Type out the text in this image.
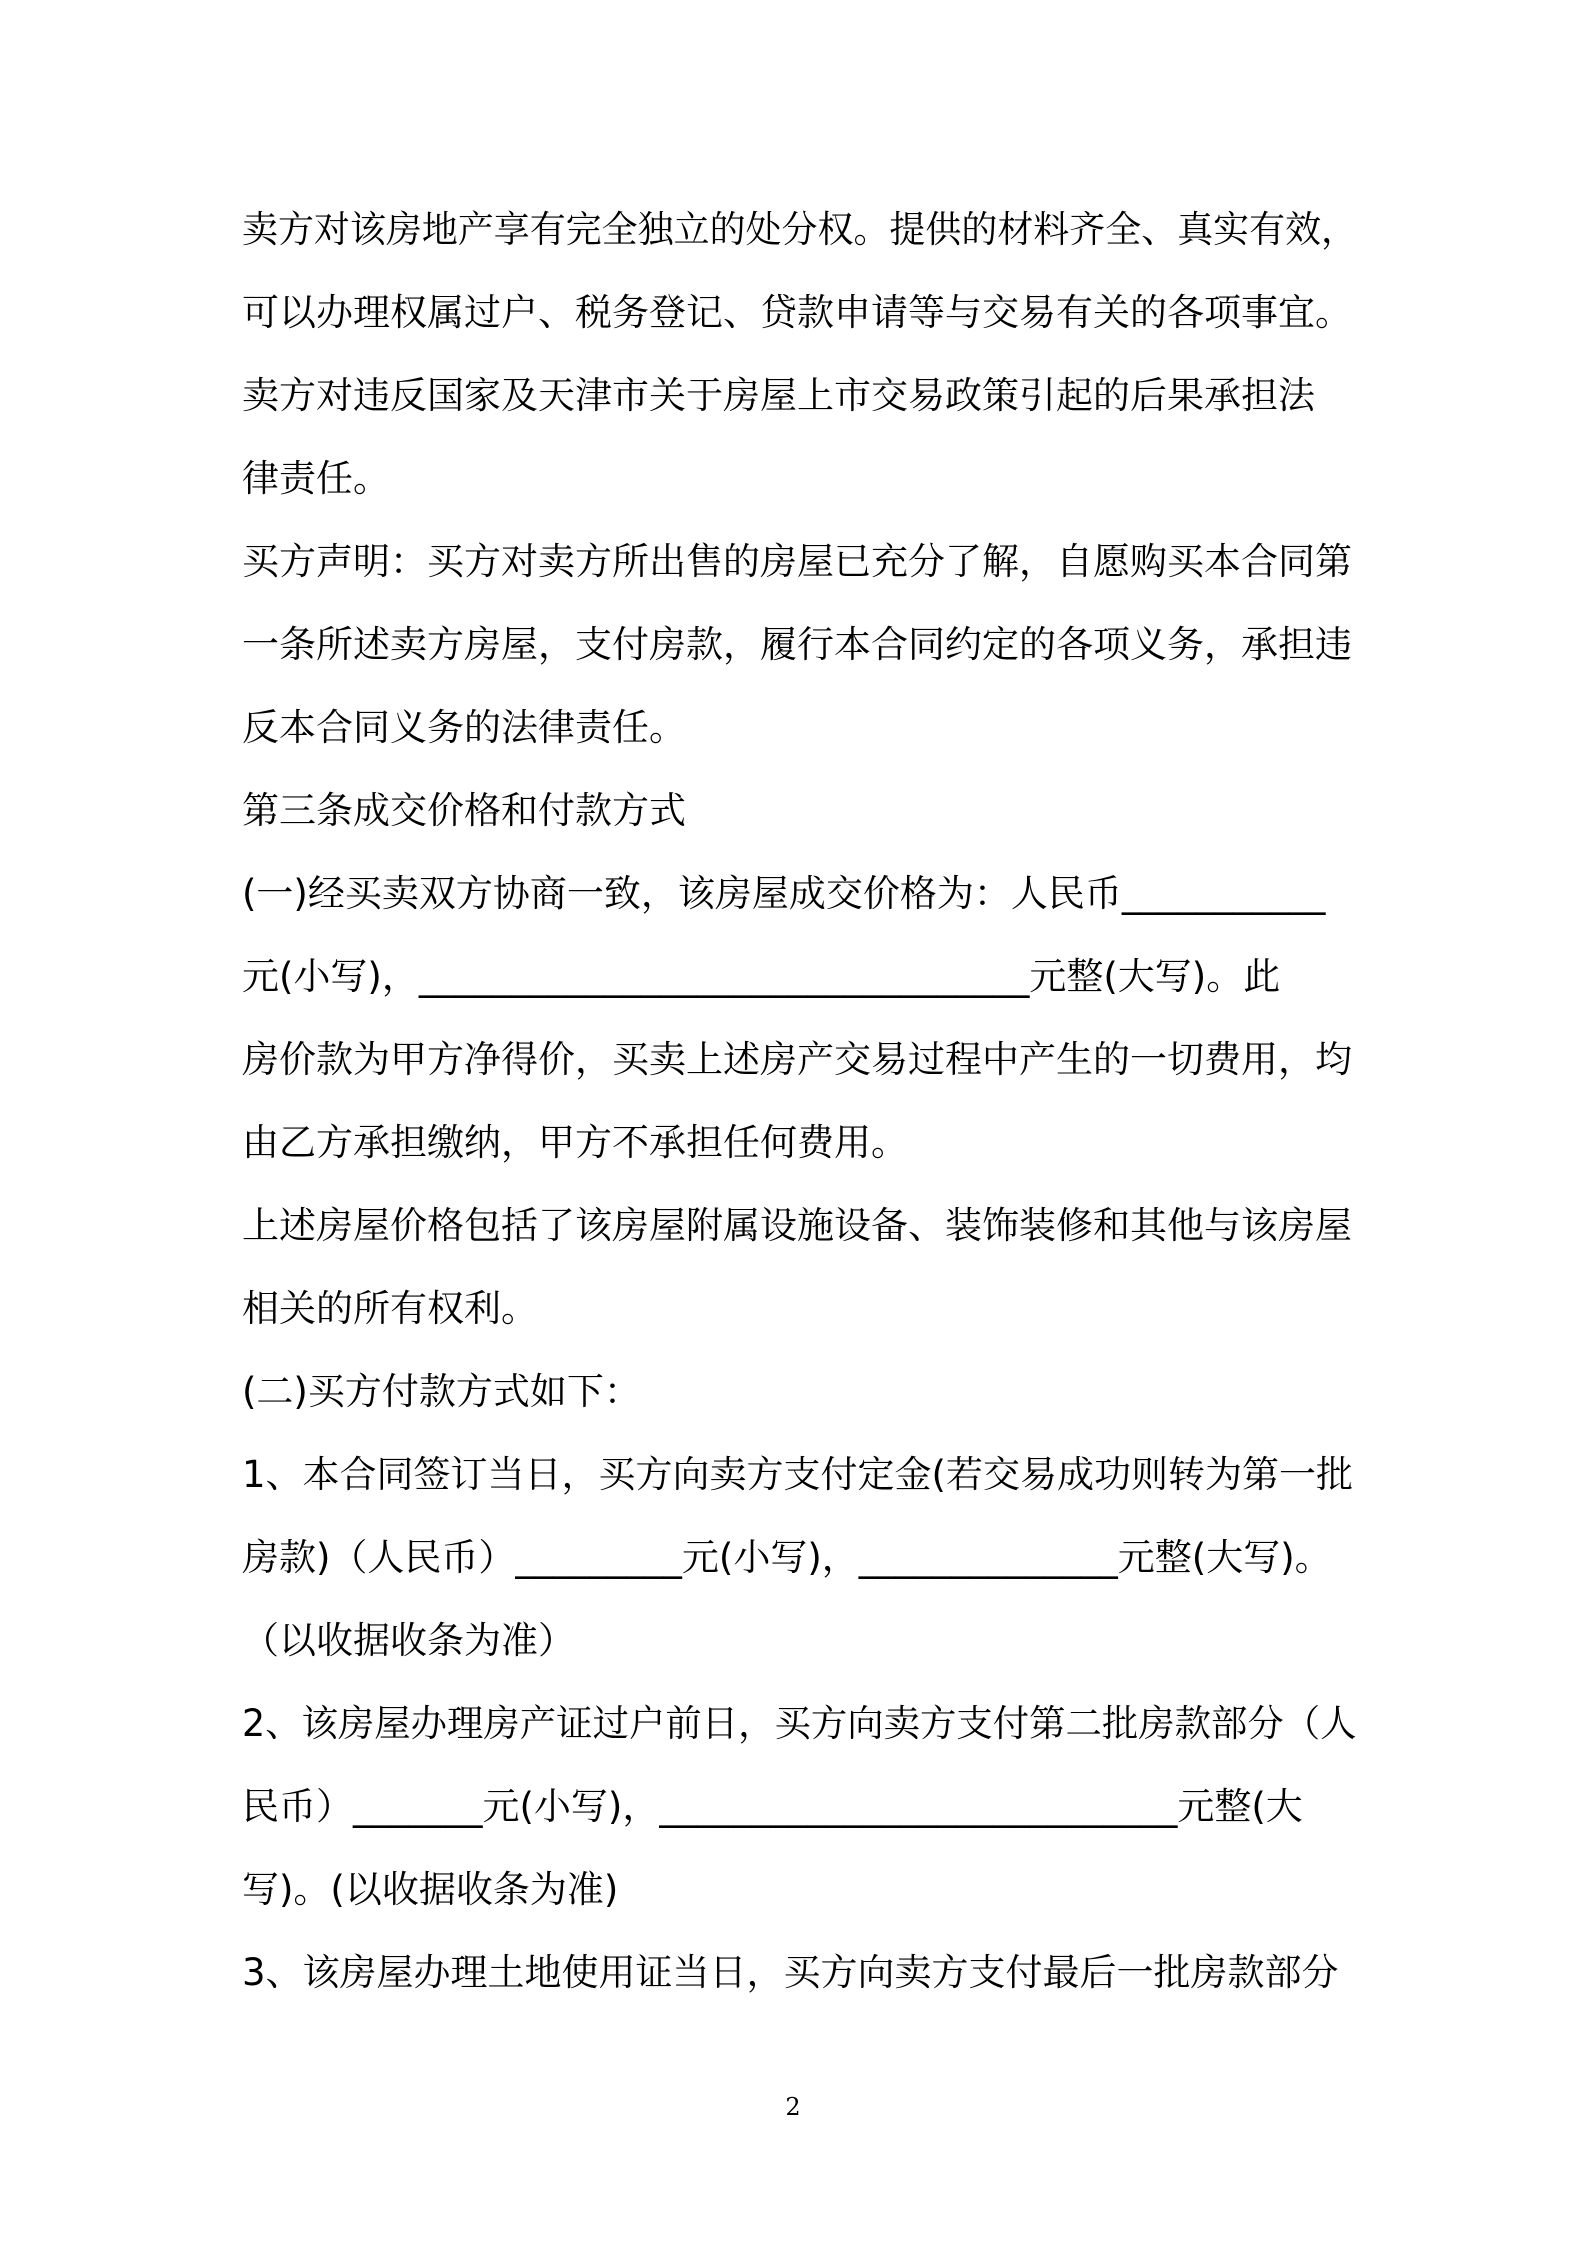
卖方对该房地产享有完全独立的处分权。提供的材料齐全、真实有效，
可以办理权属过户、税务登记、贷款申请等与交易有关的各项事宜。
卖方对违反国家及天津市关于房屋上市交易政策引起的后果承担法
律责任。
买方声明：买方对卖方所出售的房屋已充分了解，自愿购买本合同第
一条所述卖方房屋，支付房款，履行本合同约定的各项义务，承担违
反本合同义务的法律责任。
第三条成交价格和付款方式
(一)经买卖双方协商一致，该房屋成交价格为：人民币___________
元(小写)，_________________________________元整(大写)。此
房价款为甲方净得价，买卖上述房产交易过程中产生的一切费用，均
由乙方承担缴纳，甲方不承担任何费用。
上述房屋价格包括了该房屋附属设施设备、装饰装修和其他与该房屋
相关的所有权利。
(二)买方付款方式如下：
1、本合同签订当日，买方向卖方支付定金(若交易成功则转为第一批
房款)（人民币）_________元(小写)，______________元整(大写)。
（以收据收条为准）
2、该房屋办理房产证过户前日，买方向卖方支付第二批房款部分（人
民币）_______元(小写)，____________________________元整(大
写)。(以收据收条为准)
3、该房屋办理土地使用证当日，买方向卖方支付最后一批房款部分
2
